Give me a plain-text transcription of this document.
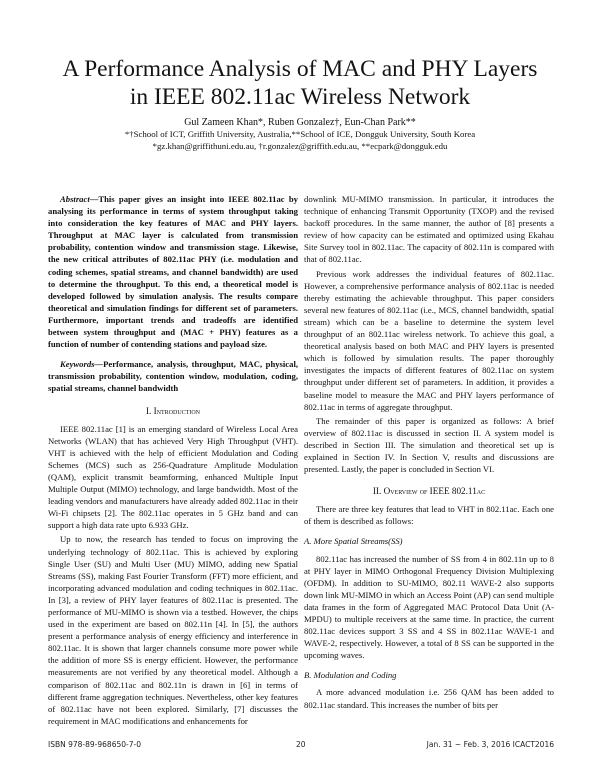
A Performance Analysis of MAC and PHY Layers
in IEEE 802.11ac Wireless Network
Gul Zameen Khan*, Ruben Gonzalez†, Eun-Chan Park**
*†School of ICT, Griffith University, Australia,**School of ICE, Dongguk University, South Korea
*gz.khan@griffithuni.edu.au, †r.gonzalez@griffith.edu.au, **ecpark@dongguk.edu

Abstract—This paper gives an insight into IEEE 802.11ac by analysing its performance in terms of system throughput taking into consideration the key features of MAC and PHY layers. Throughput at MAC layer is calculated from transmission probability, contention window and transmission stage. Likewise, the new critical attributes of 802.11ac PHY (i.e. modulation and coding schemes, spatial streams, and channel bandwidth) are used to determine the throughput. To this end, a theoretical model is developed followed by simulation analysis. The results compare theoretical and simulation findings for different set of parameters. Furthermore, important trends and tradeoffs are identified between system throughput and (MAC + PHY) features as a function of number of contending stations and payload size.

Keywords—Performance, analysis, throughput, MAC, physical, transmission probability, contention window, modulation, coding, spatial streams, channel bandwidth

I. Introduction

IEEE 802.11ac [1] is an emerging standard of Wireless Local Area Networks (WLAN) that has achieved Very High Throughput (VHT). VHT is achieved with the help of efficient Modulation and Coding Schemes (MCS) such as 256-Quadrature Amplitude Modulation (QAM), explicit transmit beamforming, enhanced Multiple Input Multiple Output (MIMO) technology, and large bandwidth. Most of the leading vendors and manufacturers have already added 802.11ac in their Wi-Fi chipsets [2]. The 802.11ac operates in 5 GHz band and can support a high data rate upto 6.933 GHz.

Up to now, the research has tended to focus on improving the underlying technology of 802.11ac. This is achieved by exploring Single User (SU) and Multi User (MU) MIMO, adding new Spatial Streams (SS), making Fast Fourier Transform (FFT) more efficient, and incorporating advanced modulation and coding techniques in 802.11ac. In [3], a review of PHY layer features of 802.11ac is presented. The performance of MU-MIMO is shown via a testbed. However, the chips used in the experiment are based on 802.11n [4]. In [5], the authors present a performance analysis of energy efficiency and interference in 802.11ac. It is shown that larger channels consume more power while the addition of more SS is energy efficient. However, the performance measurements are not verified by any theoretical model. Although a comparison of 802.11ac and 802.11n is drawn in [6] in terms of different frame aggregation techniques. Nevertheless, other key features of 802.11ac have not been explored. Similarly, [7] discusses the requirement in MAC modifications and enhancements for

downlink MU-MIMO transmission. In particular, it introduces the technique of enhancing Transmit Opportunity (TXOP) and the revised backoff procedures. In the same manner, the author of [8] presents a review of how capacity can be estimated and optimized using Ekahau Site Survey tool in 802.11ac. The capacity of 802.11n is compared with that of 802.11ac.

Previous work addresses the individual features of 802.11ac. However, a comprehensive performance analysis of 802.11ac is needed thereby estimating the achievable throughput. This paper considers several new features of 802.11ac (i.e., MCS, channel bandwidth, spatial stream) which can be a baseline to determine the system level throughput of an 802.11ac wireless network. To achieve this goal, a theoretical analysis based on both MAC and PHY layers is presented which is followed by simulation results. The paper thoroughly investigates the impacts of different features of 802.11ac on system throughput under different set of parameters. In addition, it provides a baseline model to measure the MAC and PHY layers performance of 802.11ac in terms of aggregate throughput.

The remainder of this paper is organized as follows: A brief overview of 802.11ac is discussed in section II. A system model is described in Section III. The simulation and theoretical set up is explained in Section IV. In Section V, results and discussions are presented. Lastly, the paper is concluded in Section VI.

II. Overview of IEEE 802.11ac

There are three key features that lead to VHT in 802.11ac. Each one of them is described as follows:

A. More Spatial Streams(SS)

802.11ac has increased the number of SS from 4 in 802.11n up to 8 at PHY layer in MIMO Orthogonal Frequency Division Multiplexing (OFDM). In addition to SU-MIMO, 802.11 WAVE-2 also supports down link MU-MIMO in which an Access Point (AP) can send multiple data frames in the form of Aggregated MAC Protocol Data Unit (A-MPDU) to multiple receivers at the same time. In practice, the current 802.11ac devices support 3 SS and 4 SS in 802.11ac WAVE-1 and WAVE-2, respectively. However, a total of 8 SS can be supported in the upcoming waves.

B. Modulation and Coding

A more advanced modulation i.e. 256 QAM has been added to 802.11ac standard. This increases the number of bits per

ISBN 978-89-968650-7-0	20	Jan. 31 ~ Feb. 3, 2016 ICACT2016
